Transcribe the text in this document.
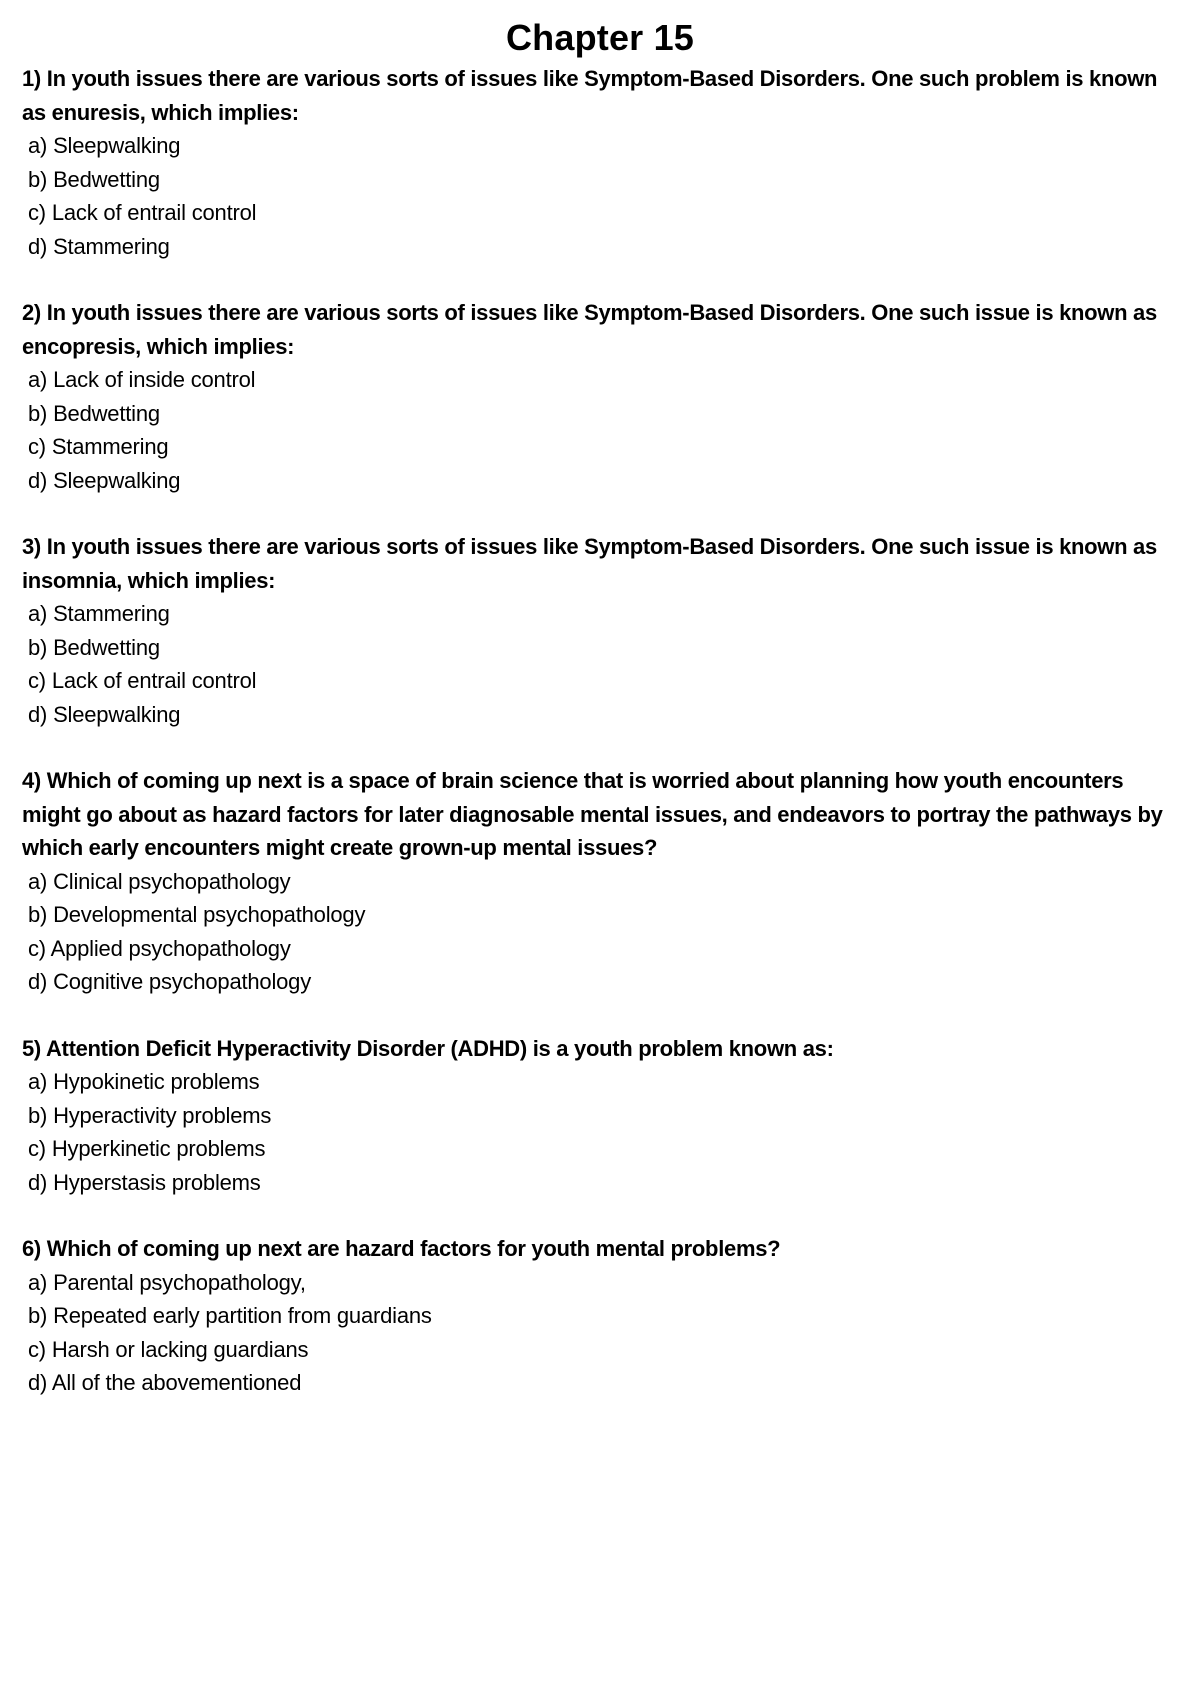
Chapter 15

1) In youth issues there are various sorts of issues like Symptom-Based Disorders. One such problem is known as enuresis, which implies:

a) Sleepwalking
b) Bedwetting
c) Lack of entrail control
d) Stammering

2) In youth issues there are various sorts of issues like Symptom-Based Disorders. One such issue is known as encopresis, which implies:

a) Lack of inside control
b) Bedwetting
c) Stammering
d) Sleepwalking

3) In youth issues there are various sorts of issues like Symptom-Based Disorders. One such issue is known as insomnia, which implies:

a) Stammering
b) Bedwetting
c) Lack of entrail control
d) Sleepwalking

4) Which of coming up next is a space of brain science that is worried about planning how youth encounters might go about as hazard factors for later diagnosable mental issues, and endeavors to portray the pathways by which early encounters might create grown-up mental issues?

a) Clinical psychopathology
b) Developmental psychopathology
c) Applied psychopathology
d) Cognitive psychopathology

5) Attention Deficit Hyperactivity Disorder (ADHD) is a youth problem known as:

a) Hypokinetic problems
b) Hyperactivity problems
c) Hyperkinetic problems
d) Hyperstasis problems

6) Which of coming up next are hazard factors for youth mental problems?

a) Parental psychopathology,
b) Repeated early partition from guardians
c) Harsh or lacking guardians
d) All of the abovementioned
